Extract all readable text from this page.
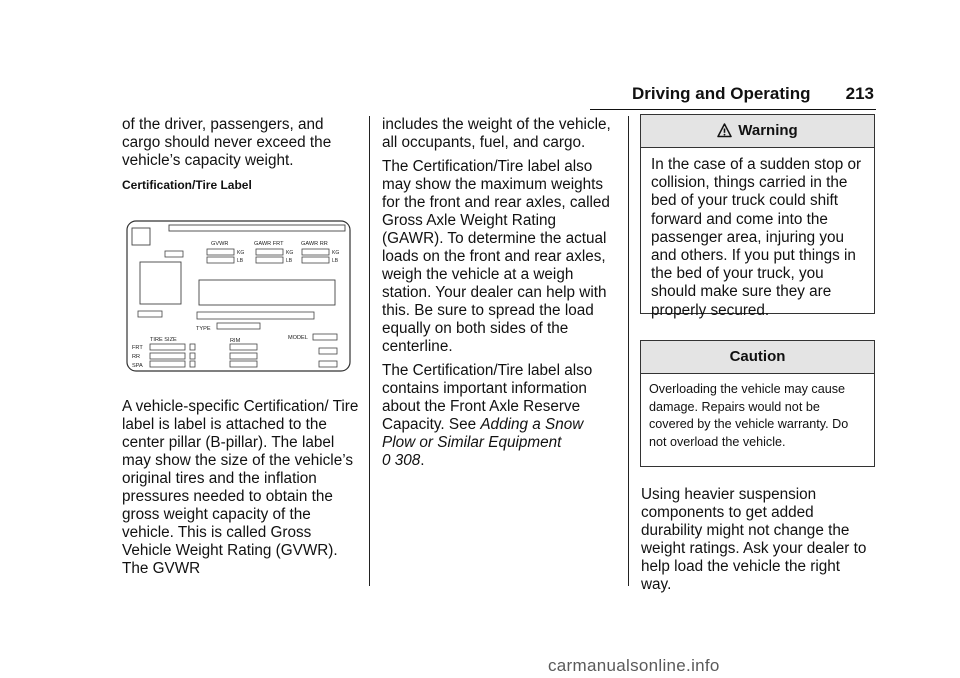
Driving and Operating 213

of the driver, passengers, and cargo should never exceed the vehicle’s capacity weight.

Certification/Tire Label

GVWR	GAWR FRT	GAWR RR
KG
LB
KG
LB
KG
LB
TYPE
TIRE SIZE	RIM	MODEL
FRT
RR
SPA

A vehicle-specific Certification/ Tire label is label is attached to the center pillar (B-pillar). The label may show the size of the vehicle’s original tires and the inflation pressures needed to obtain the gross weight capacity of the vehicle. This is called Gross Vehicle Weight Rating (GVWR). The GVWR

includes the weight of the vehicle, all occupants, fuel, and cargo.

The Certification/Tire label also may show the maximum weights for the front and rear axles, called Gross Axle Weight Rating (GAWR). To determine the actual loads on the front and rear axles, weigh the vehicle at a weigh station. Your dealer can help with this. Be sure to spread the load equally on both sides of the centerline.

The Certification/Tire label also contains important information about the Front Axle Reserve Capacity. See Adding a Snow Plow or Similar Equipment
0 308.

Warning
In the case of a sudden stop or collision, things carried in the bed of your truck could shift forward and come into the passenger area, injuring you and others. If you put things in the bed of your truck, you should make sure they are properly secured.
Caution
Overloading the vehicle may cause damage. Repairs would not be covered by the vehicle warranty. Do not overload the vehicle.

Using heavier suspension components to get added durability might not change the weight ratings. Ask your dealer to help load the vehicle the right way.

carmanualsonline.info
